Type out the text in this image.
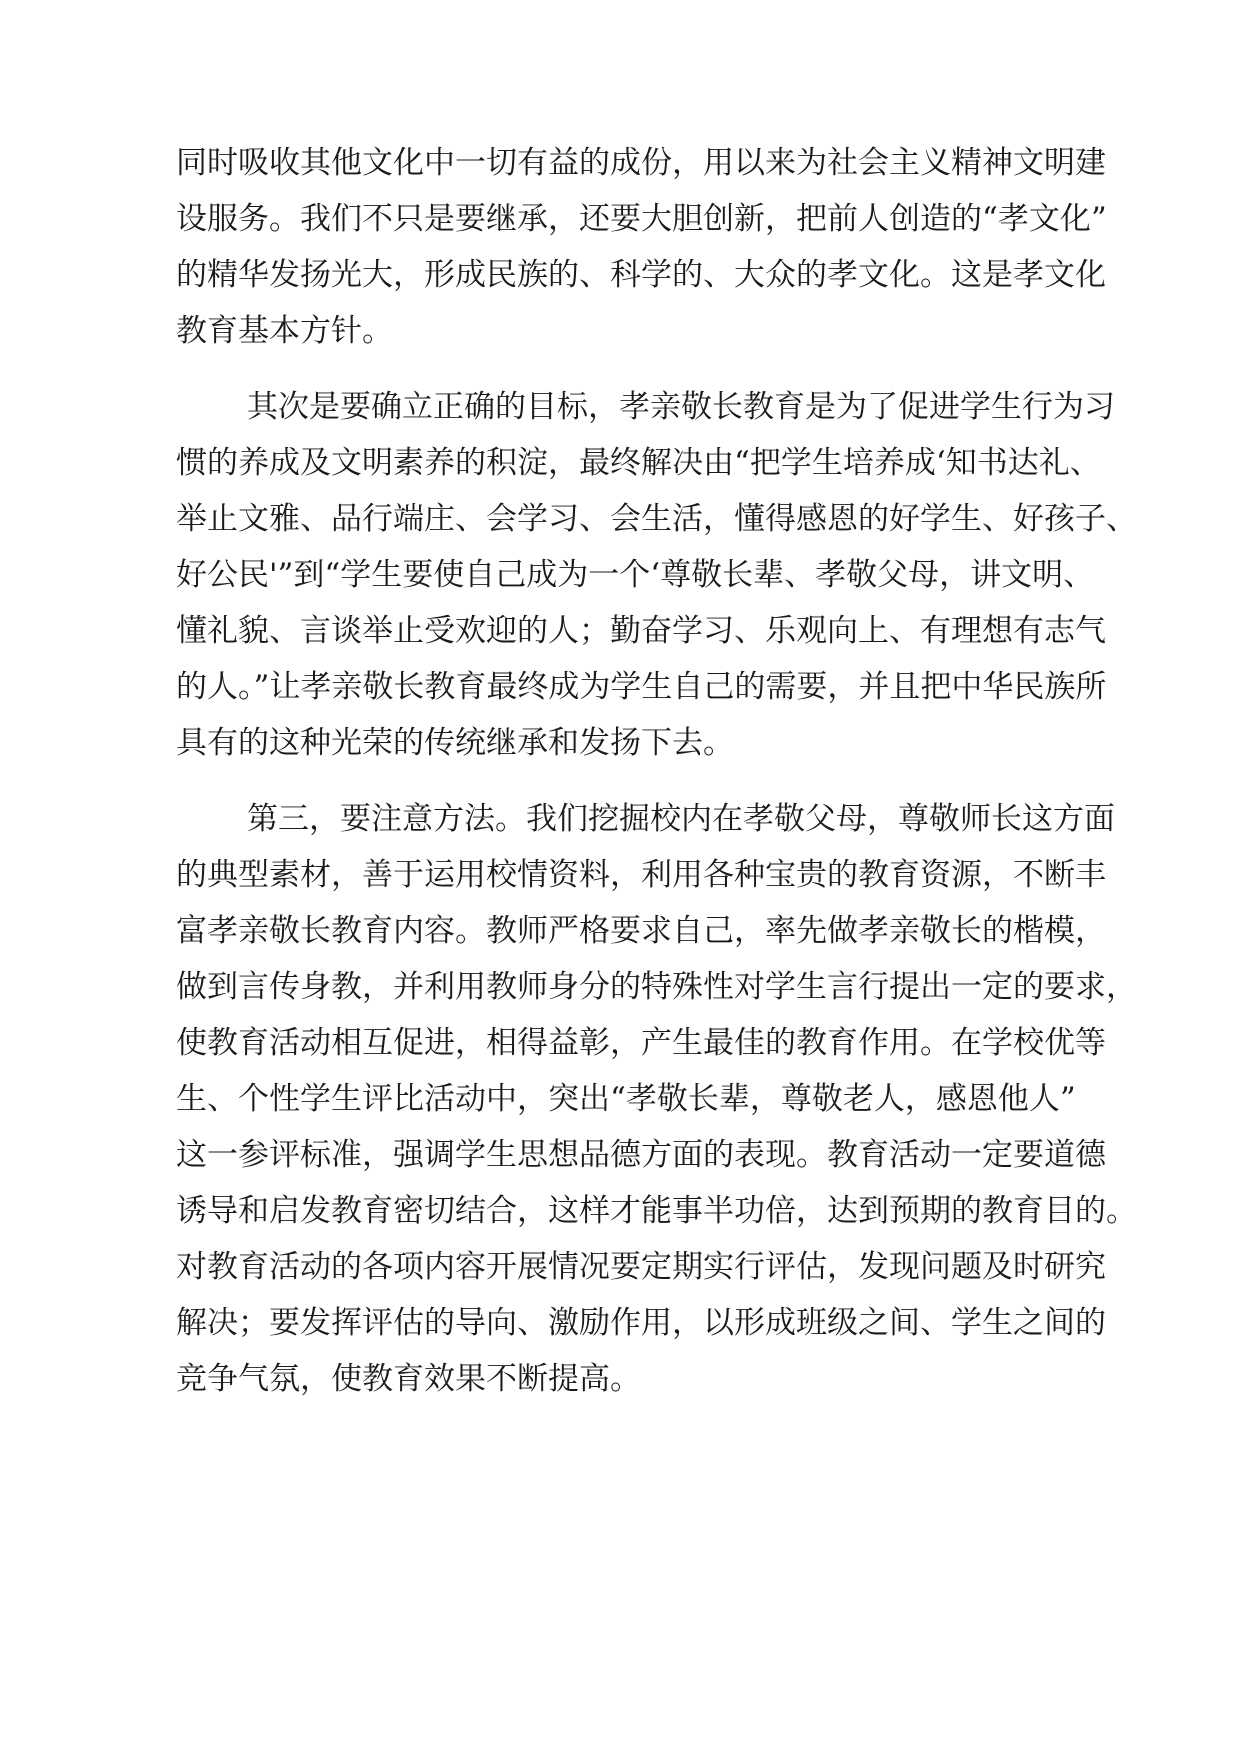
同时吸收其他文化中一切有益的成份，用以来为社会主义精神文明建

设服务。我们不只是要继承，还要大胆创新，把前人创造的“孝文化”

的精华发扬光大，形成民族的、科学的、大众的孝文化。这是孝文化

教育基本方针。

其次是要确立正确的目标，孝亲敬长教育是为了促进学生行为习

惯的养成及文明素养的积淀，最终解决由“把学生培养成‘知书达礼、

举止文雅、品行端庄、会学习、会生活，懂得感恩的好学生、好孩子、

好公民'”到“学生要使自己成为一个‘尊敬长辈、孝敬父母，讲文明、

懂礼貌、言谈举止受欢迎的人；勤奋学习、乐观向上、有理想有志气

的人。”让孝亲敬长教育最终成为学生自己的需要，并且把中华民族所

具有的这种光荣的传统继承和发扬下去。

第三，要注意方法。我们挖掘校内在孝敬父母，尊敬师长这方面

的典型素材，善于运用校情资料，利用各种宝贵的教育资源，不断丰

富孝亲敬长教育内容。教师严格要求自己，率先做孝亲敬长的楷模，

做到言传身教，并利用教师身分的特殊性对学生言行提出一定的要求，

使教育活动相互促进，相得益彰，产生最佳的教育作用。在学校优等

生、个性学生评比活动中，突出“孝敬长辈，尊敬老人，感恩他人”

这一参评标准，强调学生思想品德方面的表现。教育活动一定要道德

诱导和启发教育密切结合，这样才能事半功倍，达到预期的教育目的。

对教育活动的各项内容开展情况要定期实行评估，发现问题及时研究

解决；要发挥评估的导向、激励作用，以形成班级之间、学生之间的

竞争气氛，使教育效果不断提高。
